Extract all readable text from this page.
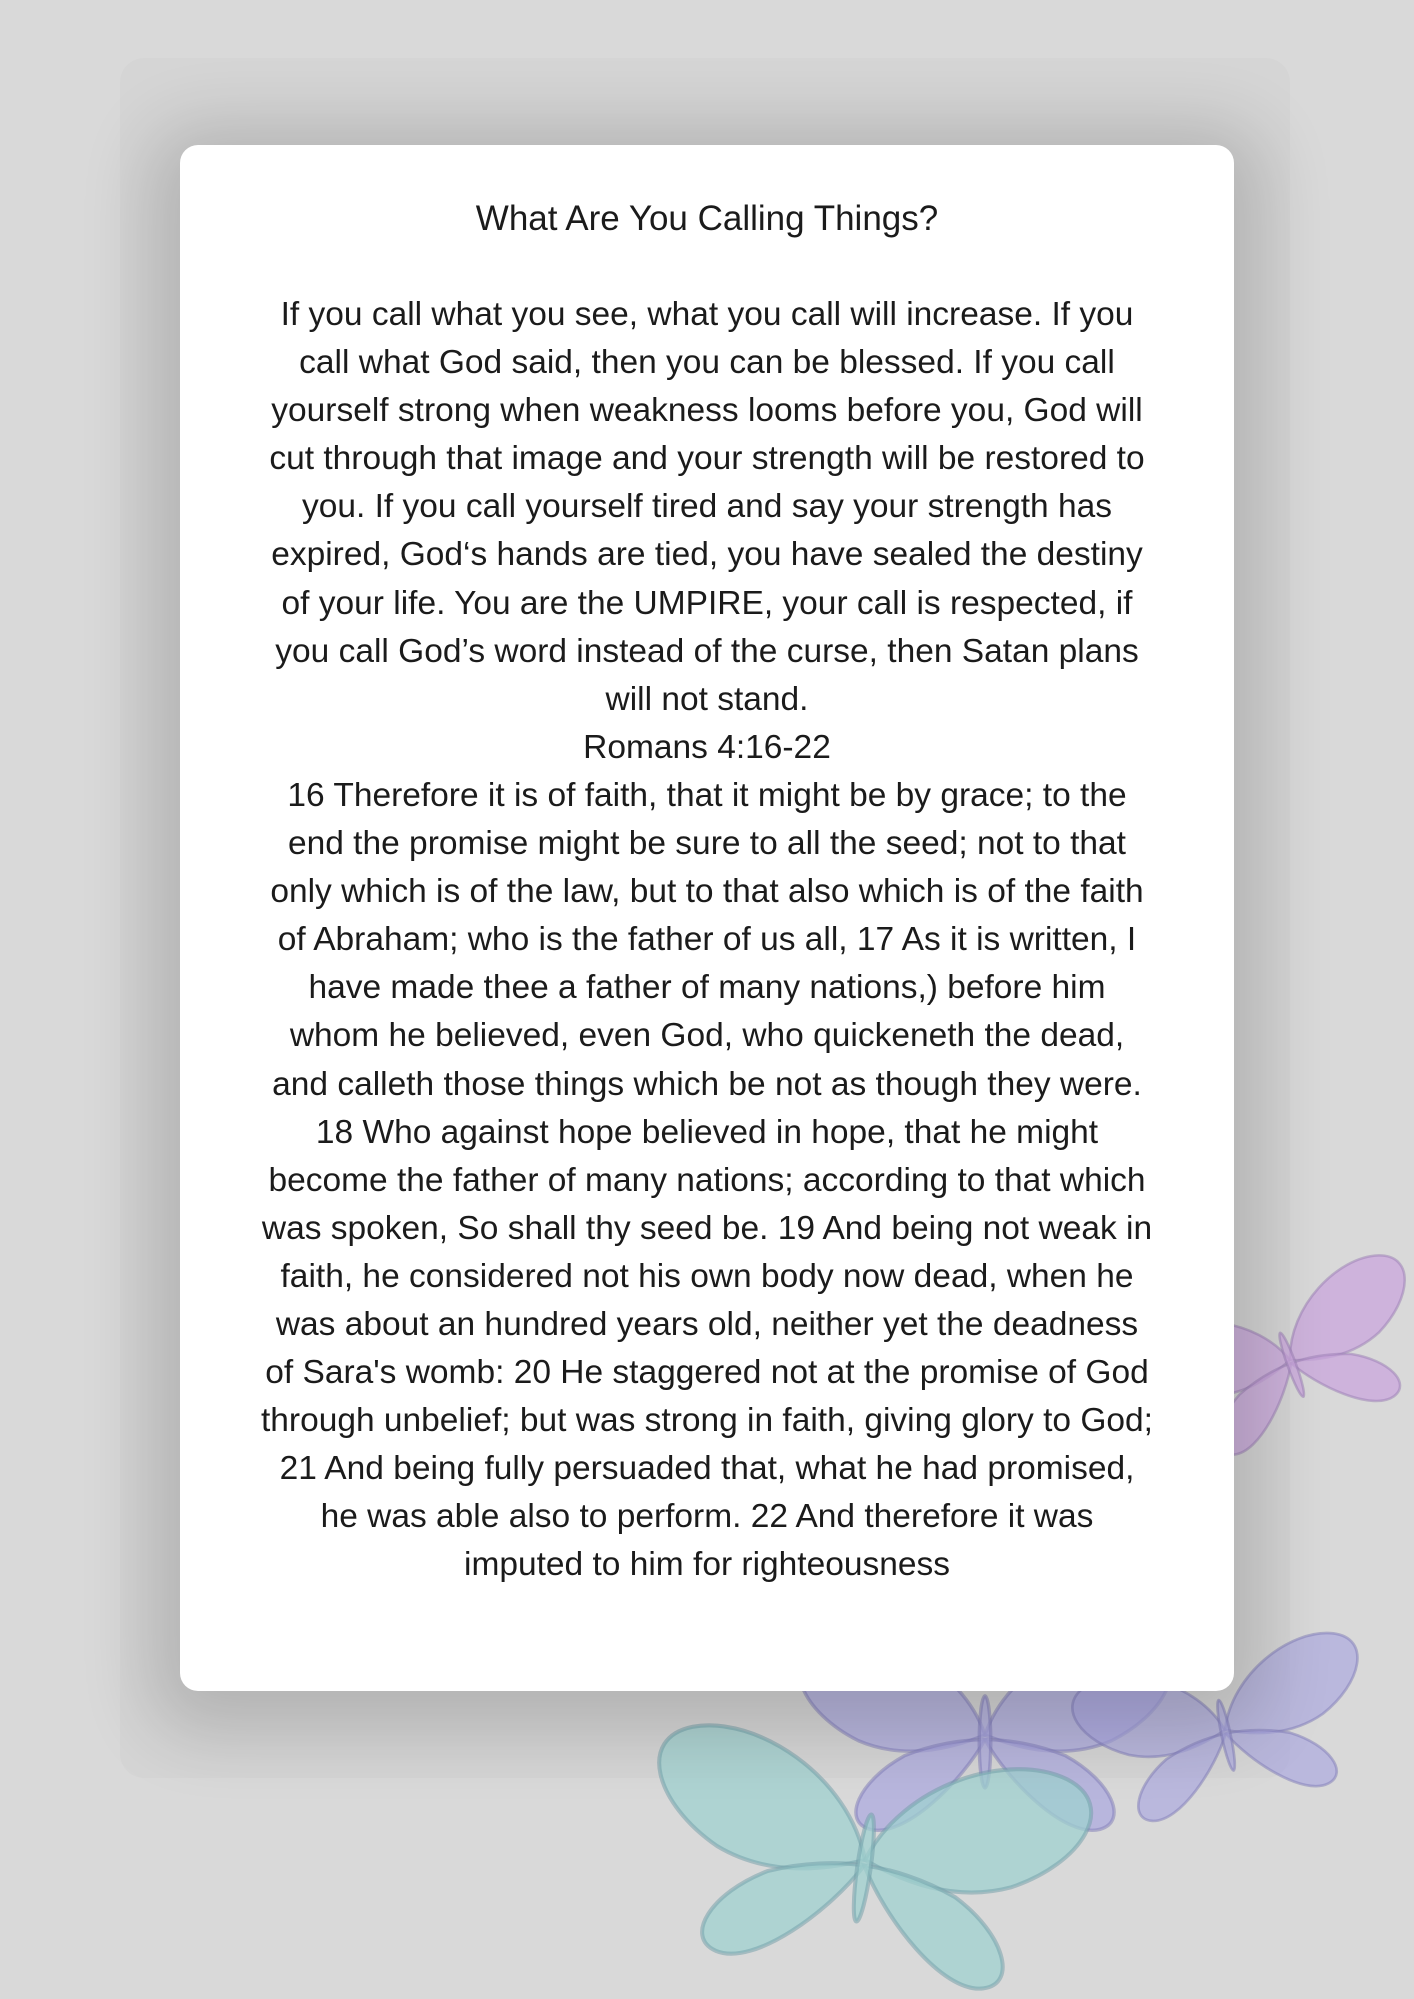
What Are You Calling Things?

If you call what you see, what you call will increase. If you call what God said, then you can be blessed. If you call yourself strong when weakness looms before you, God will cut through that image and your strength will be restored to you. If you call yourself tired and say your strength has expired, God‘s hands are tied, you have sealed the destiny of your life. You are the UMPIRE, your call is respected, if you call God’s word instead of the curse, then Satan plans will not stand.

Romans 4:16-22

16 Therefore it is of faith, that it might be by grace; to the end the promise might be sure to all the seed; not to that only which is of the law, but to that also which is of the faith of Abraham; who is the father of us all, 17 As it is written, I have made thee a father of many nations,) before him whom he believed, even God, who quickeneth the dead, and calleth those things which be not as though they were. 18 Who against hope believed in hope, that he might become the father of many nations; according to that which was spoken, So shall thy seed be. 19 And being not weak in faith, he considered not his own body now dead, when he was about an hundred years old, neither yet the deadness of Sara's womb: 20 He staggered not at the promise of God through unbelief; but was strong in faith, giving glory to God; 21 And being fully persuaded that, what he had promised, he was able also to perform. 22 And therefore it was imputed to him for righteousness
